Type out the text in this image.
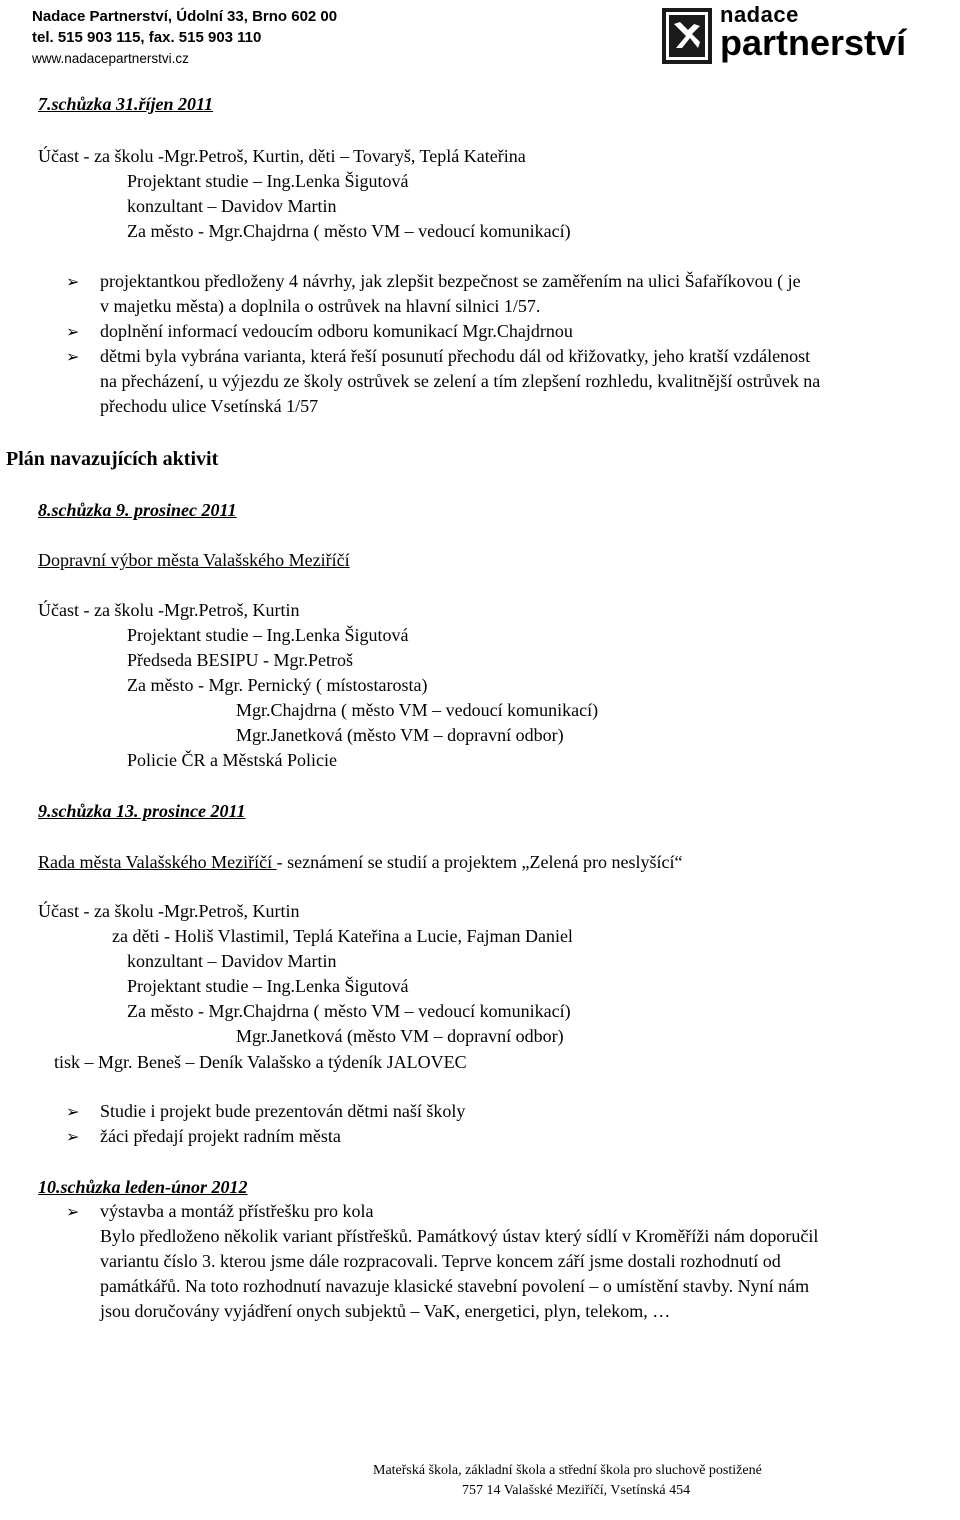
Nadace Partnerství, Údolní 33, Brno 602 00
tel. 515 903 115, fax. 515 903 110
www.nadacepartnerstvi.cz
nadace
partnerství
7.schůzka 31.říjen 2011
Účast - za školu -Mgr.Petroš, Kurtin, děti – Tovaryš, Teplá Kateřina
Projektant studie – Ing.Lenka Šigutová
konzultant – Davidov Martin
Za město - Mgr.Chajdrna ( město VM – vedoucí komunikací)
➢ projektantkou předloženy 4 návrhy, jak zlepšit bezpečnost se zaměřením na ulici Šafaříkovou ( je
v majetku města) a doplnila o ostrůvek na hlavní silnici 1/57.
➢ doplnění informací vedoucím odboru komunikací Mgr.Chajdrnou
➢ dětmi byla vybrána varianta, která řeší posunutí přechodu dál od křižovatky, jeho kratší vzdálenost
na přecházení, u výjezdu ze školy ostrůvek se zelení a tím zlepšení rozhledu, kvalitnější ostrůvek na
přechodu ulice Vsetínská 1/57
Plán navazujících aktivit
8.schůzka 9. prosinec 2011
Dopravní výbor města Valašského Meziříčí
Účast - za školu -Mgr.Petroš, Kurtin
Projektant studie – Ing.Lenka Šigutová
Předseda BESIPU - Mgr.Petroš
Za město - Mgr. Pernický ( místostarosta)
Mgr.Chajdrna ( město VM – vedoucí komunikací)
Mgr.Janetková (město VM – dopravní odbor)
Policie ČR a Městská Policie
9.schůzka 13. prosince 2011
Rada města Valašského Meziříčí - seznámení se studií a projektem „Zelená pro neslyšící“
Účast - za školu -Mgr.Petroš, Kurtin
za děti - Holiš Vlastimil, Teplá Kateřina a Lucie, Fajman Daniel
konzultant – Davidov Martin
Projektant studie – Ing.Lenka Šigutová
Za město - Mgr.Chajdrna ( město VM – vedoucí komunikací)
Mgr.Janetková (město VM – dopravní odbor)
tisk – Mgr. Beneš – Deník Valašsko a týdeník JALOVEC
➢ Studie i projekt bude prezentován dětmi naší školy
➢ žáci předají projekt radním města
10.schůzka leden-únor 2012
➢ výstavba a montáž přístřešku pro kola
Bylo předloženo několik variant přístřešků. Památkový ústav který sídlí v Kroměříži nám doporučil
variantu číslo 3. kterou jsme dále rozpracovali. Teprve koncem září jsme dostali rozhodnutí od
památkářů. Na toto rozhodnutí navazuje klasické stavební povolení – o umístění stavby. Nyní nám
jsou doručovány vyjádření onych subjektů – VaK, energetici, plyn, telekom, …
Mateřská škola, základní škola a střední škola pro sluchově postižené
757 14 Valašské Meziříčí, Vsetínská 454
